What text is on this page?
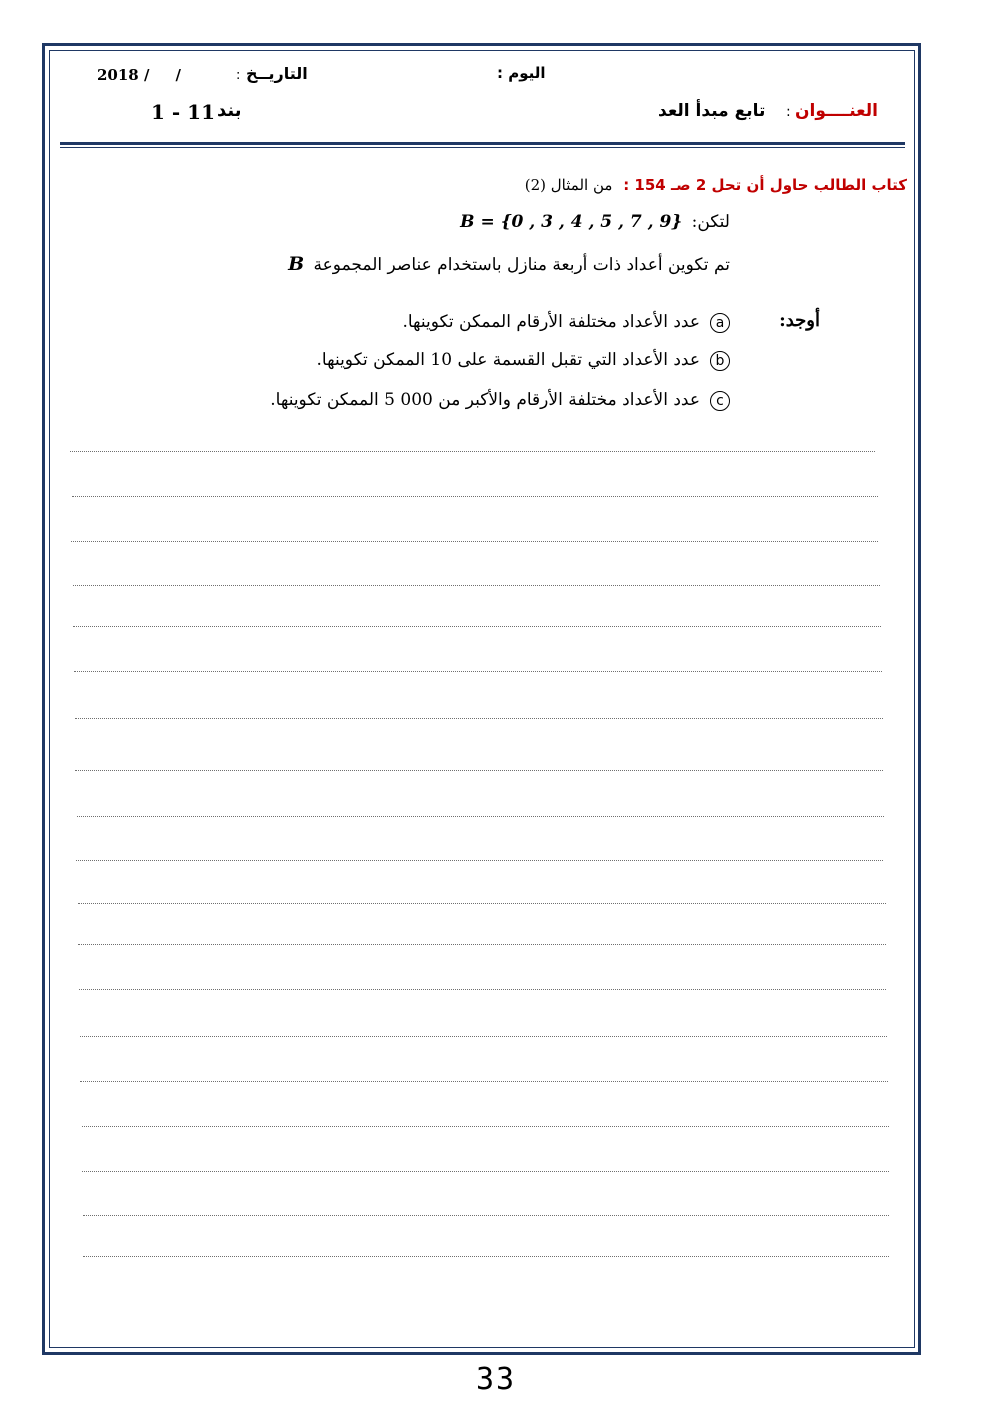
2018 /     /	: التاريــخ	اليوم :
11 - 1 بند	تابع مبدأ العد : العنــــوان
كتاب الطالب حاول أن تحل 2 صـ 154 : من المثال (2)
لتكن: B = {0 , 3 , 4 , 5 , 7 , 9}
تم تكوين أعداد ذات أربعة منازل باستخدام عناصر المجموعة B
أوجد:
aعدد الأعداد مختلفة الأرقام الممكن تكوينها.
bعدد الأعداد التي تقبل القسمة على 10 الممكن تكوينها.
cعدد الأعداد مختلفة الأرقام والأكبر من 000 5 الممكن تكوينها.
33
